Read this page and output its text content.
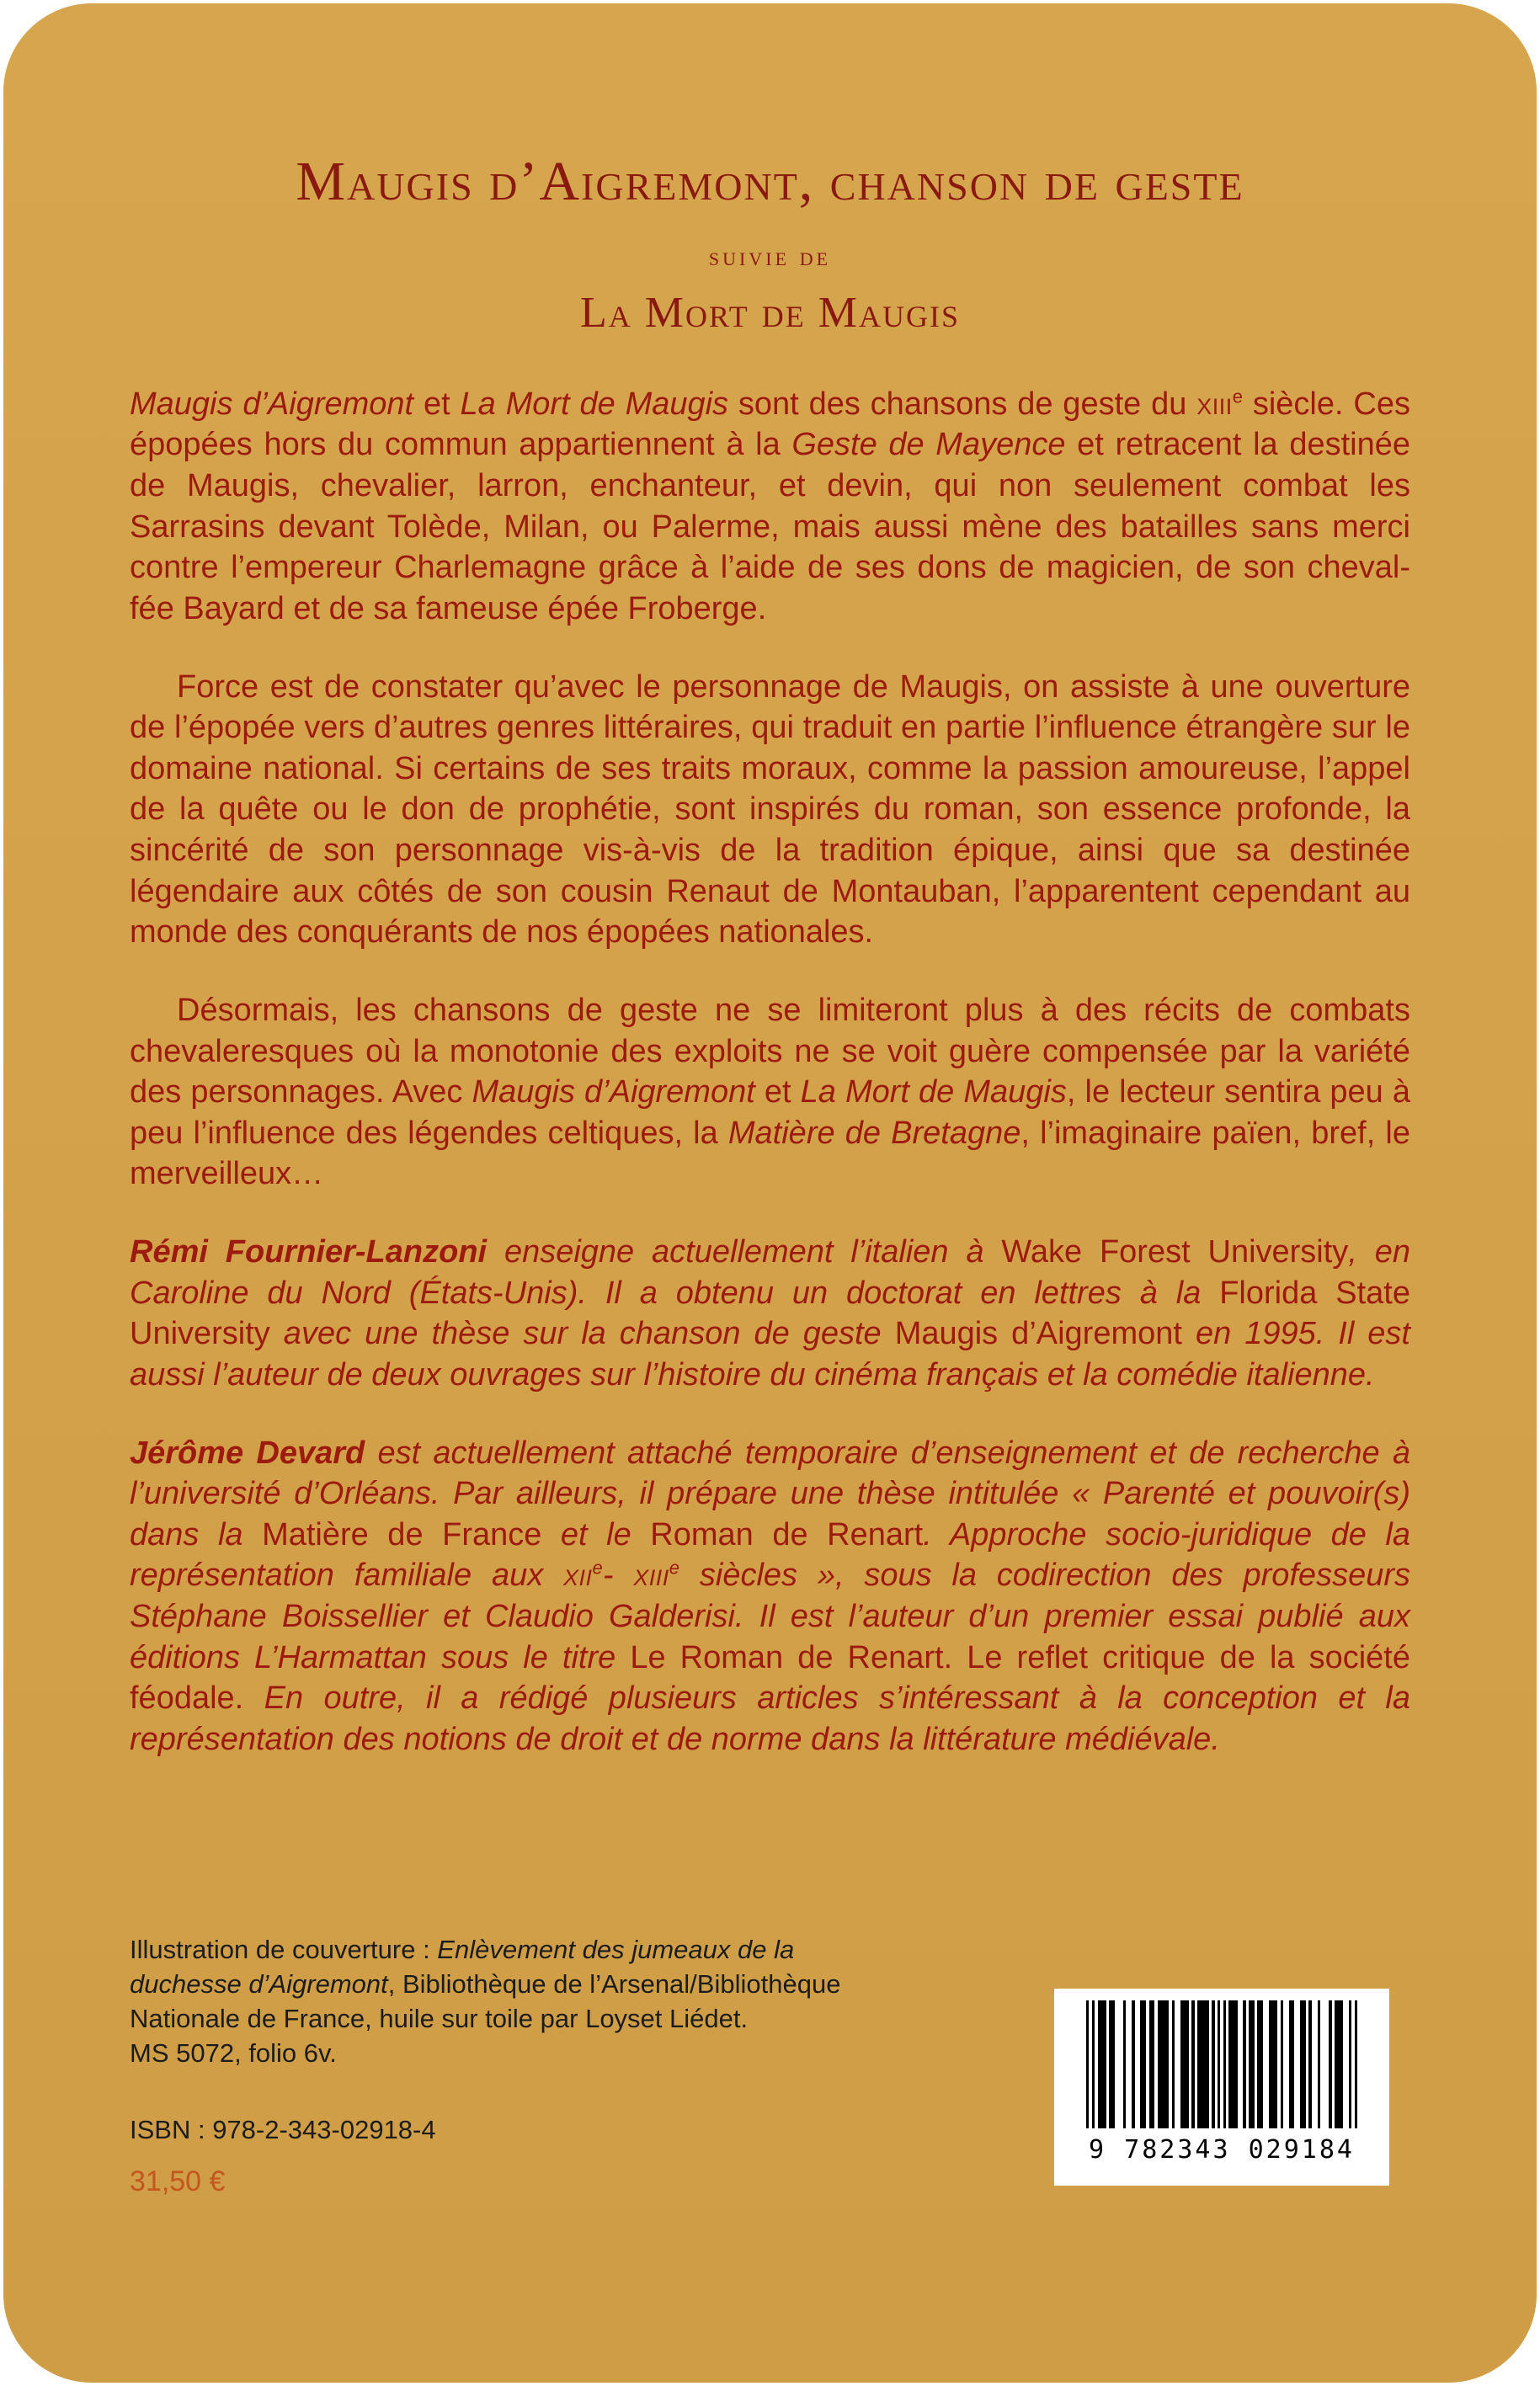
Maugis d’Aigremont, chanson de geste
suivie de
La Mort de Maugis

Maugis d’Aigremont et La Mort de Maugis sont des chansons de geste du xiii$^e$ siècle. Ces épopées hors du commun appartiennent à la Geste de Mayence et retracent la destinée de Maugis, chevalier, larron, enchanteur, et devin, qui non seulement combat les Sarrasins devant Tolède, Milan, ou Palerme, mais aussi mène des batailles sans merci contre l’empereur Charlemagne grâce à l’aide de ses dons de magicien, de son cheval-fée Bayard et de sa fameuse épée Froberge.

Force est de constater qu’avec le personnage de Maugis, on assiste à une ouverture de l’épopée vers d’autres genres littéraires, qui traduit en partie l’influence étrangère sur le domaine national. Si certains de ses traits moraux, comme la passion amoureuse, l’appel de la quête ou le don de prophétie, sont inspirés du roman, son essence profonde, la sincérité de son personnage vis-à-vis de la tradition épique, ainsi que sa destinée légendaire aux côtés de son cousin Renaut de Montauban, l’apparentent cependant au monde des conquérants de nos épopées nationales.

Désormais, les chansons de geste ne se limiteront plus à des récits de combats chevaleresques où la monotonie des exploits ne se voit guère compensée par la variété des personnages. Avec Maugis d’Aigremont et La Mort de Maugis, le lecteur sentira peu à peu l’influence des légendes celtiques, la Matière de Bretagne, l’imaginaire païen, bref, le merveilleux…

Rémi Fournier-Lanzoni enseigne actuellement l’italien à Wake Forest University, en Caroline du Nord (États-Unis). Il a obtenu un doctorat en lettres à la Florida State University avec une thèse sur la chanson de geste Maugis d’Aigremont en 1995. Il est aussi l’auteur de deux ouvrages sur l’histoire du cinéma français et la comédie italienne.

Jérôme Devard est actuellement attaché temporaire d’enseignement et de recherche à l’université d’Orléans. Par ailleurs, il prépare une thèse intitulée « Parenté et pouvoir(s) dans la Matière de France et le Roman de Renart. Approche socio-juridique de la représentation familiale aux xii$^e$- xiii$^e$ siècles », sous la codirection des professeurs Stéphane Boissellier et Claudio Galderisi. Il est l’auteur d’un premier essai publié aux éditions L’Harmattan sous le titre Le Roman de Renart. Le reflet critique de la société féodale. En outre, il a rédigé plusieurs articles s’intéressant à la conception et la représentation des notions de droit et de norme dans la littérature médiévale.

Illustration de couverture : Enlèvement des jumeaux de la
duchesse d’Aigremont, Bibliothèque de l’Arsenal/Bibliothèque
Nationale de France, huile sur toile par Loyset Liédet.
MS 5072, folio 6v.
ISBN : 978-2-343-02918-4
31,50 €
9 782343 029184
